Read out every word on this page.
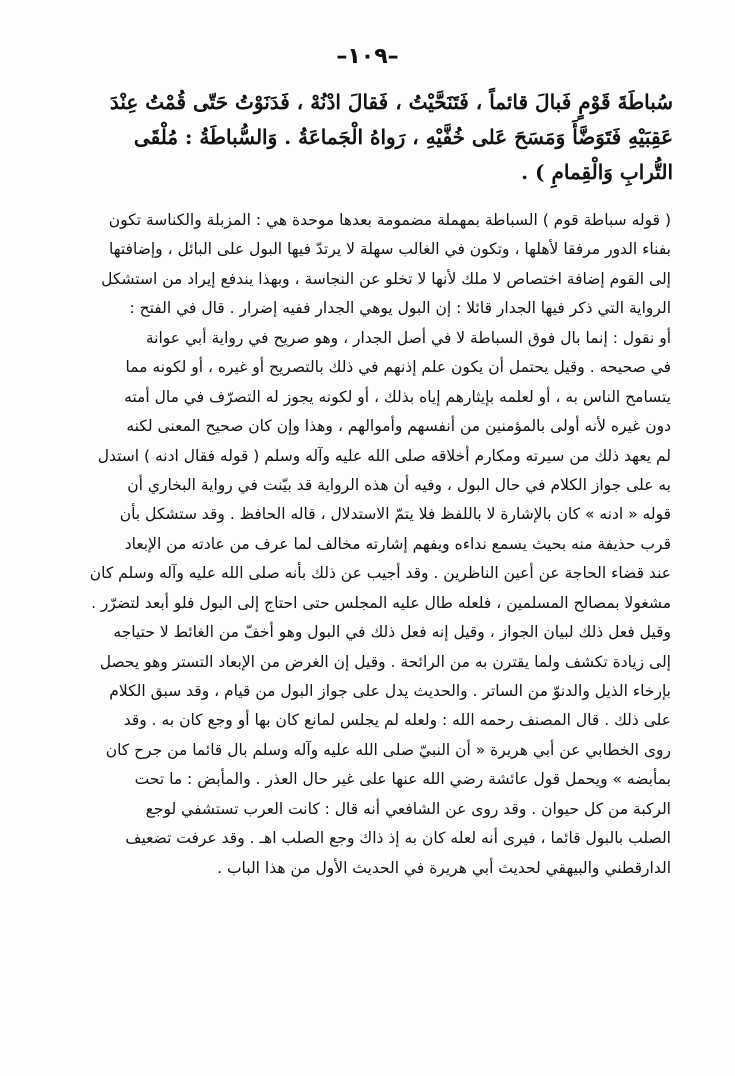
–١٠٩–
سُباطَةَ قَوْمٍ فَبالَ قائماً ، فَتَنَحَّيْتُ ، فَقالَ ادْنُهْ ، فَدَنَوْتُ حَتّى قُمْتُ عِنْدَ
عَقِبَيْهِ فَتَوَضَّأَ وَمَسَحَ عَلى خُفَّيْهِ ، رَواهُ الْجَماعَةُ . وَالسُّباطَةُ : مُلْقَى
التُّرابِ وَالْقِمامِ ) .
( قوله سباطة قوم ) السباطة بمهملة مضمومة بعدها موحدة هي : المزبلة والكناسة تكون
بفناء الدور مرفقا لأهلها ، وتكون في الغالب سهلة لا يرتدّ فيها البول على البائل ، وإضافتها
إلى القوم إضافة اختصاص لا ملك لأنها لا تخلو عن النجاسة ، وبهذا يندفع إيراد من استشكل
الرواية التي ذكر فيها الجدار قائلا : إن البول يوهي الجدار ففيه إضرار . قال في الفتح :
أو نقول : إنما بال فوق السباطة لا في أصل الجدار ، وهو صريح في رواية أبي عوانة
في صحيحه . وقيل يحتمل أن يكون علم إذنهم في ذلك بالتصريح أو غيره ، أو لكونه مما
يتسامح الناس به ، أو لعلمه بإيثارهم إياه بذلك ، أو لكونه يجوز له التصرّف في مال أمته
دون غيره لأنه أولى بالمؤمنين من أنفسهم وأموالهم ، وهذا وإن كان صحيح المعنى لكنه
لم يعهد ذلك من سيرته ومكارم أخلاقه صلى الله عليه وآله وسلم ( قوله فقال ادنه ) استدل
به على جواز الكلام في حال البول ، وفيه أن هذه الرواية قد بيّنت في رواية البخاري أن
قوله « ادنه » كان بالإشارة لا باللفظ فلا يتمّ الاستدلال ، قاله الحافظ . وقد ستشكل بأن
قرب حذيفة منه بحيث يسمع نداءه ويفهم إشارته مخالف لما عرف من عادته من الإبعاد
عند قضاء الحاجة عن أعين الناظرين . وقد أجيب عن ذلك بأنه صلى الله عليه وآله وسلم كان
مشغولا بمصالح المسلمين ، فلعله طال عليه المجلس حتى احتاج إلى البول فلو أبعد لتضرّر .
وقيل فعل ذلك لبيان الجواز ، وقيل إنه فعل ذلك في البول وهو أخفّ من الغائط لا حتياجه
إلى زيادة تكشف ولما يقترن به من الرائحة . وقيل إن الغرض من الإبعاد التستر وهو يحصل
بإرخاء الذيل والدنوّ من الساتر . والحديث يدل على جواز البول من قيام ، وقد سبق الكلام
على ذلك . قال المصنف رحمه الله : ولعله لم يجلس لمانع كان بها أو وجع كان به . وقد
روى الخطابي عن أبي هريرة « أن النبيّ صلى الله عليه وآله وسلم بال قائما من جرح كان
بمأبضه » ويحمل قول عائشة رضي الله عنها على غير حال العذر . والمأبض : ما تحت
الركبة من كل حيوان . وقد روى عن الشافعي أنه قال : كانت العرب تستشفي لوجع
الصلب بالبول قائما ، فيرى أنه لعله كان به إذ ذاك وجع الصلب اهـ . وقد عرفت تضعيف
الدارقطني والبيهقي لحديث أبي هريرة في الحديث الأول من هذا الباب .
